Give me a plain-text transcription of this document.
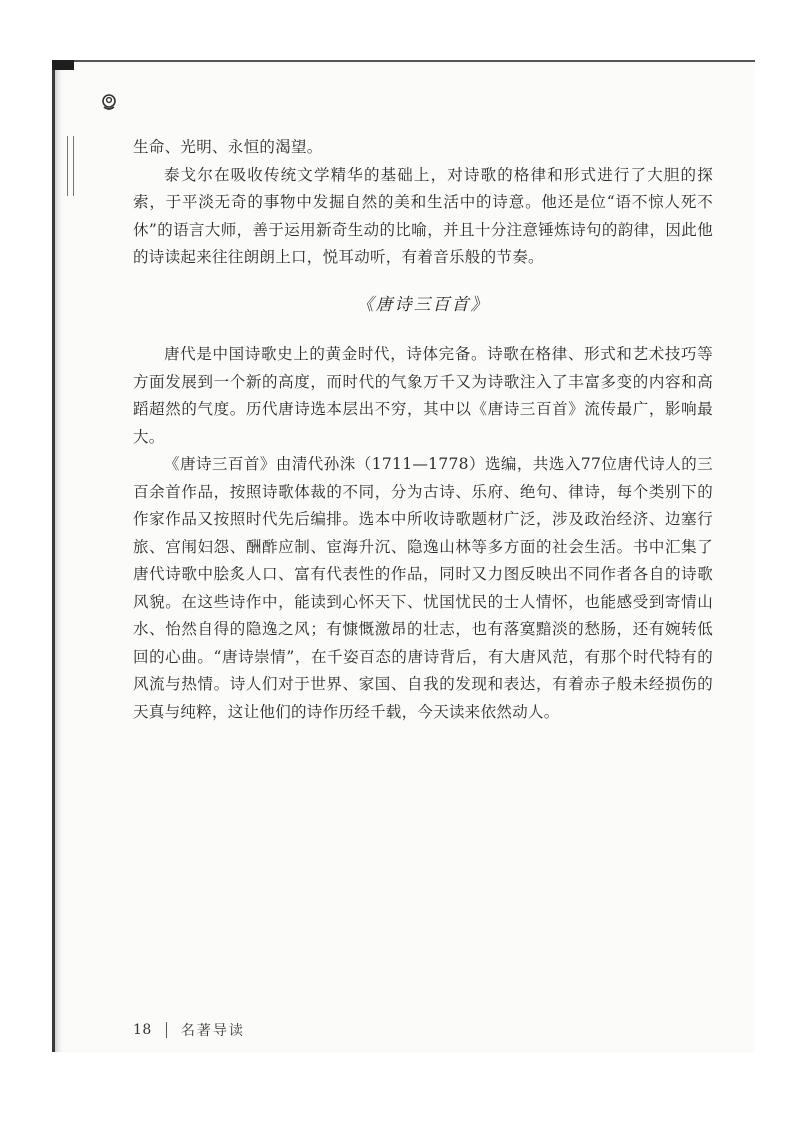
生命、光明、永恒的渴望。

泰戈尔在吸收传统文学精华的基础上，对诗歌的格律和形式进行了大胆的探索，于平淡无奇的事物中发掘自然的美和生活中的诗意。他还是位“语不惊人死不休”的语言大师，善于运用新奇生动的比喻，并且十分注意锤炼诗句的韵律，因此他的诗读起来往往朗朗上口，悦耳动听，有着音乐般的节奏。

《唐诗三百首》

唐代是中国诗歌史上的黄金时代，诗体完备。诗歌在格律、形式和艺术技巧等方面发展到一个新的高度，而时代的气象万千又为诗歌注入了丰富多变的内容和高蹈超然的气度。历代唐诗选本层出不穷，其中以《唐诗三百首》流传最广，影响最大。

《唐诗三百首》由清代孙洙（1711—1778）选编，共选入77位唐代诗人的三百余首作品，按照诗歌体裁的不同，分为古诗、乐府、绝句、律诗，每个类别下的作家作品又按照时代先后编排。选本中所收诗歌题材广泛，涉及政治经济、边塞行旅、宫闱妇怨、酬酢应制、宦海升沉、隐逸山林等多方面的社会生活。书中汇集了唐代诗歌中脍炙人口、富有代表性的作品，同时又力图反映出不同作者各自的诗歌风貌。在这些诗作中，能读到心怀天下、忧国忧民的士人情怀，也能感受到寄情山水、怡然自得的隐逸之风；有慷慨激昂的壮志，也有落寞黯淡的愁肠，还有婉转低回的心曲。“唐诗崇情”，在千姿百态的唐诗背后，有大唐风范，有那个时代特有的风流与热情。诗人们对于世界、家国、自我的发现和表达，有着赤子般未经损伤的天真与纯粹，这让他们的诗作历经千载，今天读来依然动人。

18 名著导读
